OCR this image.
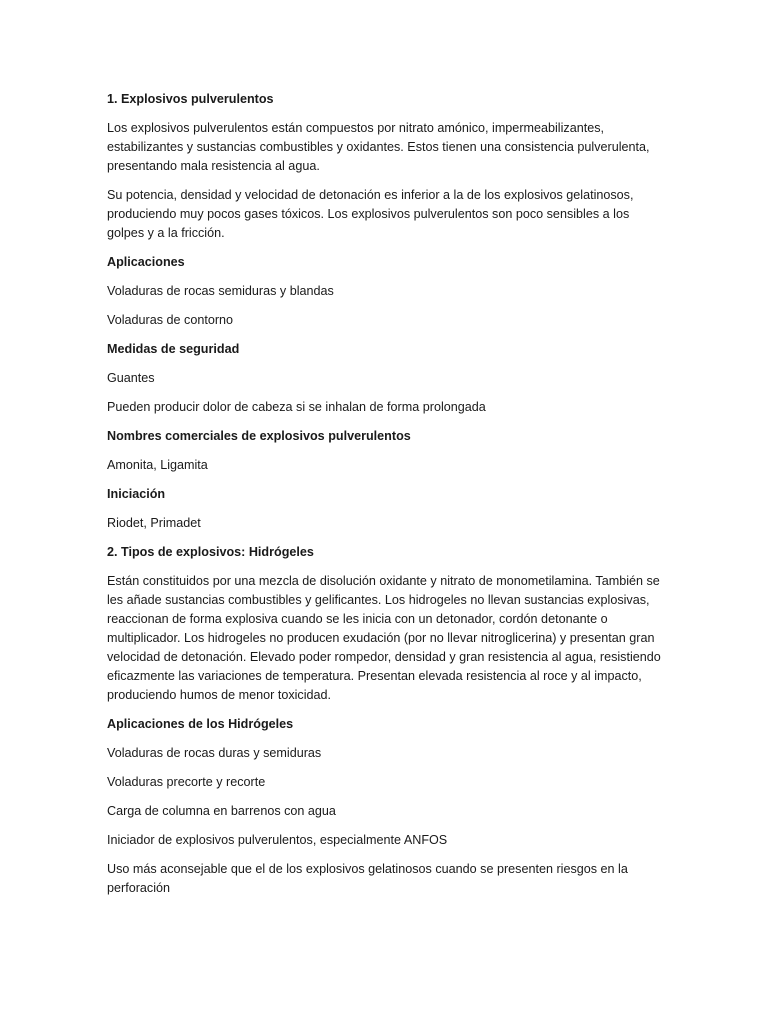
1. Explosivos pulverulentos

Los explosivos pulverulentos están compuestos por nitrato amónico, impermeabilizantes, estabilizantes y sustancias combustibles y oxidantes. Estos tienen una consistencia pulverulenta, presentando mala resistencia al agua.

Su potencia, densidad y velocidad de detonación es inferior a la de los explosivos gelatinosos, produciendo muy pocos gases tóxicos. Los explosivos pulverulentos son poco sensibles a los golpes y a la fricción.

Aplicaciones

Voladuras de rocas semiduras y blandas

Voladuras de contorno

Medidas de seguridad

Guantes

Pueden producir dolor de cabeza si se inhalan de forma prolongada

Nombres comerciales de explosivos pulverulentos

Amonita, Ligamita

Iniciación

Riodet, Primadet

2. Tipos de explosivos: Hidrógeles

Están constituidos por una mezcla de disolución oxidante y nitrato de monometilamina. También se les añade sustancias combustibles y gelificantes. Los hidrogeles no llevan sustancias explosivas, reaccionan de forma explosiva cuando se les inicia con un detonador, cordón detonante o multiplicador. Los hidrogeles no producen exudación (por no llevar nitroglicerina) y presentan gran velocidad de detonación. Elevado poder rompedor, densidad y gran resistencia al agua, resistiendo eficazmente las variaciones de temperatura. Presentan elevada resistencia al roce y al impacto, produciendo humos de menor toxicidad.

Aplicaciones de los Hidrógeles

Voladuras de rocas duras y semiduras

Voladuras precorte y recorte

Carga de columna en barrenos con agua

Iniciador de explosivos pulverulentos, especialmente ANFOS

Uso más aconsejable que el de los explosivos gelatinosos cuando se presenten riesgos en la perforación
